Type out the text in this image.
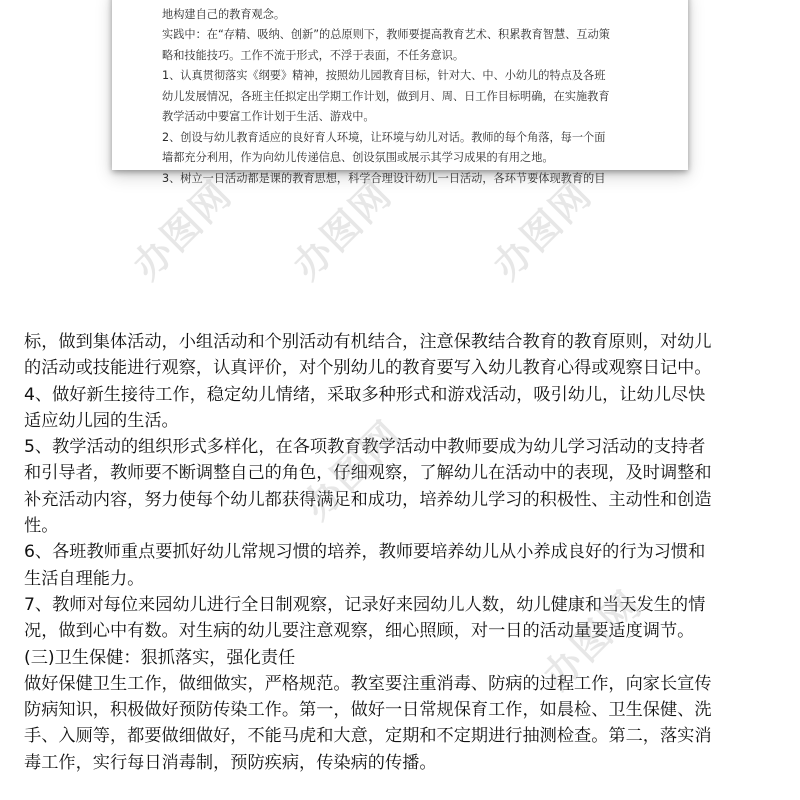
地构建自己的教育观念。
实践中：在“存精、吸纳、创新”的总原则下，教师要提高教育艺术、积累教育智慧、互动策
略和技能技巧。工作不流于形式，不浮于表面，不任务意识。
1、认真贯彻落实《纲要》精神，按照幼儿园教育目标，针对大、中、小幼儿的特点及各班
幼儿发展情况，各班主任拟定出学期工作计划，做到月、周、日工作目标明确，在实施教育
教学活动中要富工作计划于生活、游戏中。
2、创设与幼儿教育适应的良好育人环境，让环境与幼儿对话。教师的每个角落，每一个面
墙都充分利用，作为向幼儿传递信息、创设氛围或展示其学习成果的有用之地。
3、树立一日活动都是课的教育思想，科学合理设计幼儿一日活动，各环节要体现教育的目
标，做到集体活动，小组活动和个别活动有机结合，注意保教结合教育的教育原则，对幼儿
的活动或技能进行观察，认真评价，对个别幼儿的教育要写入幼儿教育心得或观察日记中。
4、做好新生接待工作，稳定幼儿情绪，采取多种形式和游戏活动，吸引幼儿，让幼儿尽快
适应幼儿园的生活。
5、教学活动的组织形式多样化，在各项教育教学活动中教师要成为幼儿学习活动的支持者
和引导者，教师要不断调整自己的角色，仔细观察，了解幼儿在活动中的表现，及时调整和
补充活动内容，努力使每个幼儿都获得满足和成功，培养幼儿学习的积极性、主动性和创造
性。
6、各班教师重点要抓好幼儿常规习惯的培养，教师要培养幼儿从小养成良好的行为习惯和
生活自理能力。
7、教师对每位来园幼儿进行全日制观察，记录好来园幼儿人数，幼儿健康和当天发生的情
况，做到心中有数。对生病的幼儿要注意观察，细心照顾，对一日的活动量要适度调节。
(三)卫生保健：狠抓落实，强化责任
做好保健卫生工作，做细做实，严格规范。教室要注重消毒、防病的过程工作，向家长宣传
防病知识，积极做好预防传染工作。第一，做好一日常规保育工作，如晨检、卫生保健、洗
手、入厕等，都要做细做好，不能马虎和大意，定期和不定期进行抽测检查。第二，落实消
毒工作，实行每日消毒制，预防疾病，传染病的传播。
办图网 办图网 办图网
办图网
办图网
